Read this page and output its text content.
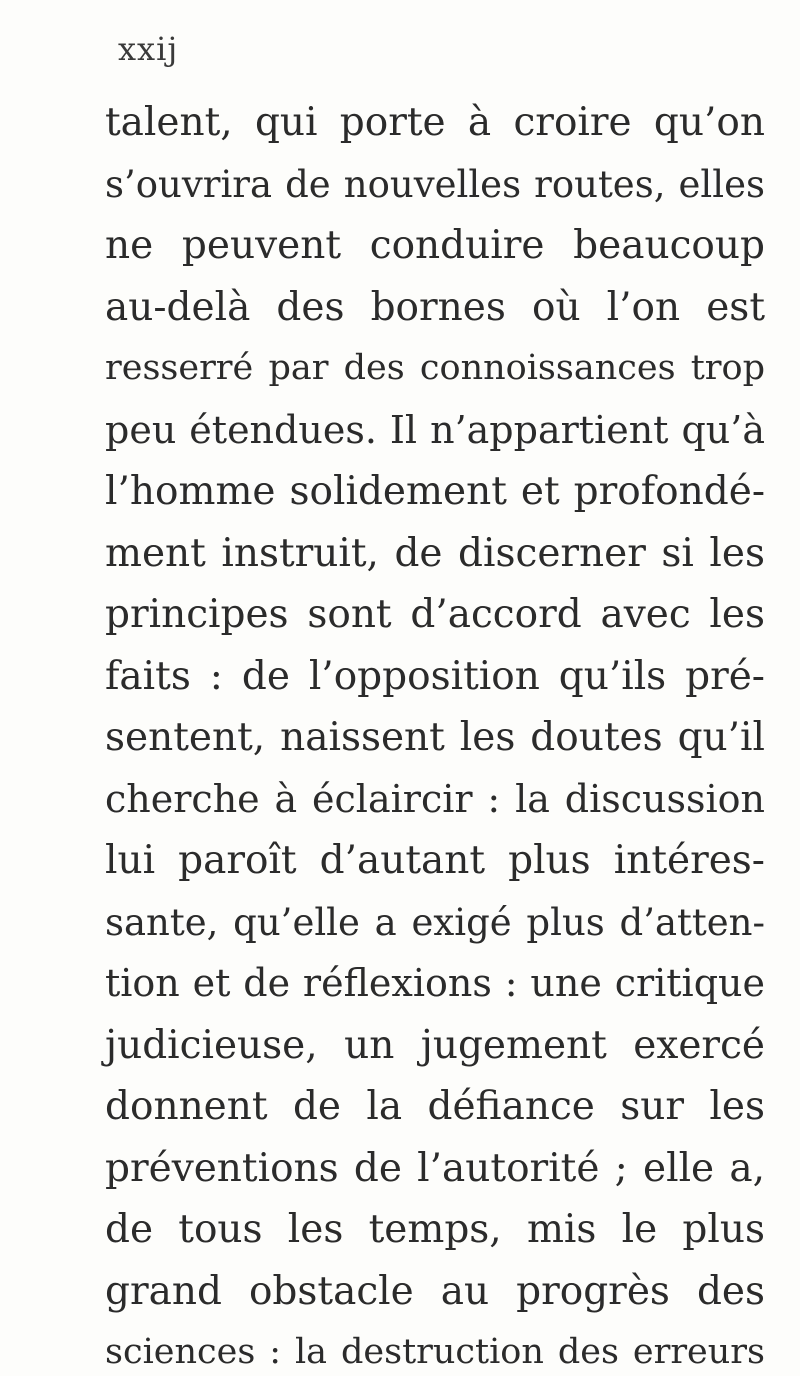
xxij
talent, qui porte à croire qu’on
s’ouvrira de nouvelles routes, elles
ne peuvent conduire beaucoup
au-delà des bornes où l’on est
resserré par des connoissances trop
peu étendues. Il n’appartient qu’à
l’homme solidement et profondé-
ment instruit, de discerner si les
principes sont d’accord avec les
faits : de l’opposition qu’ils pré-
sentent, naissent les doutes qu’il
cherche à éclaircir : la discussion
lui paroît d’autant plus intéres-
sante, qu’elle a exigé plus d’atten-
tion et de réflexions : une critique
judicieuse, un jugement exercé
donnent de la défiance sur les
préventions de l’autorité ; elle a,
de tous les temps, mis le plus
grand obstacle au progrès des
sciences : la destruction des erreurs
